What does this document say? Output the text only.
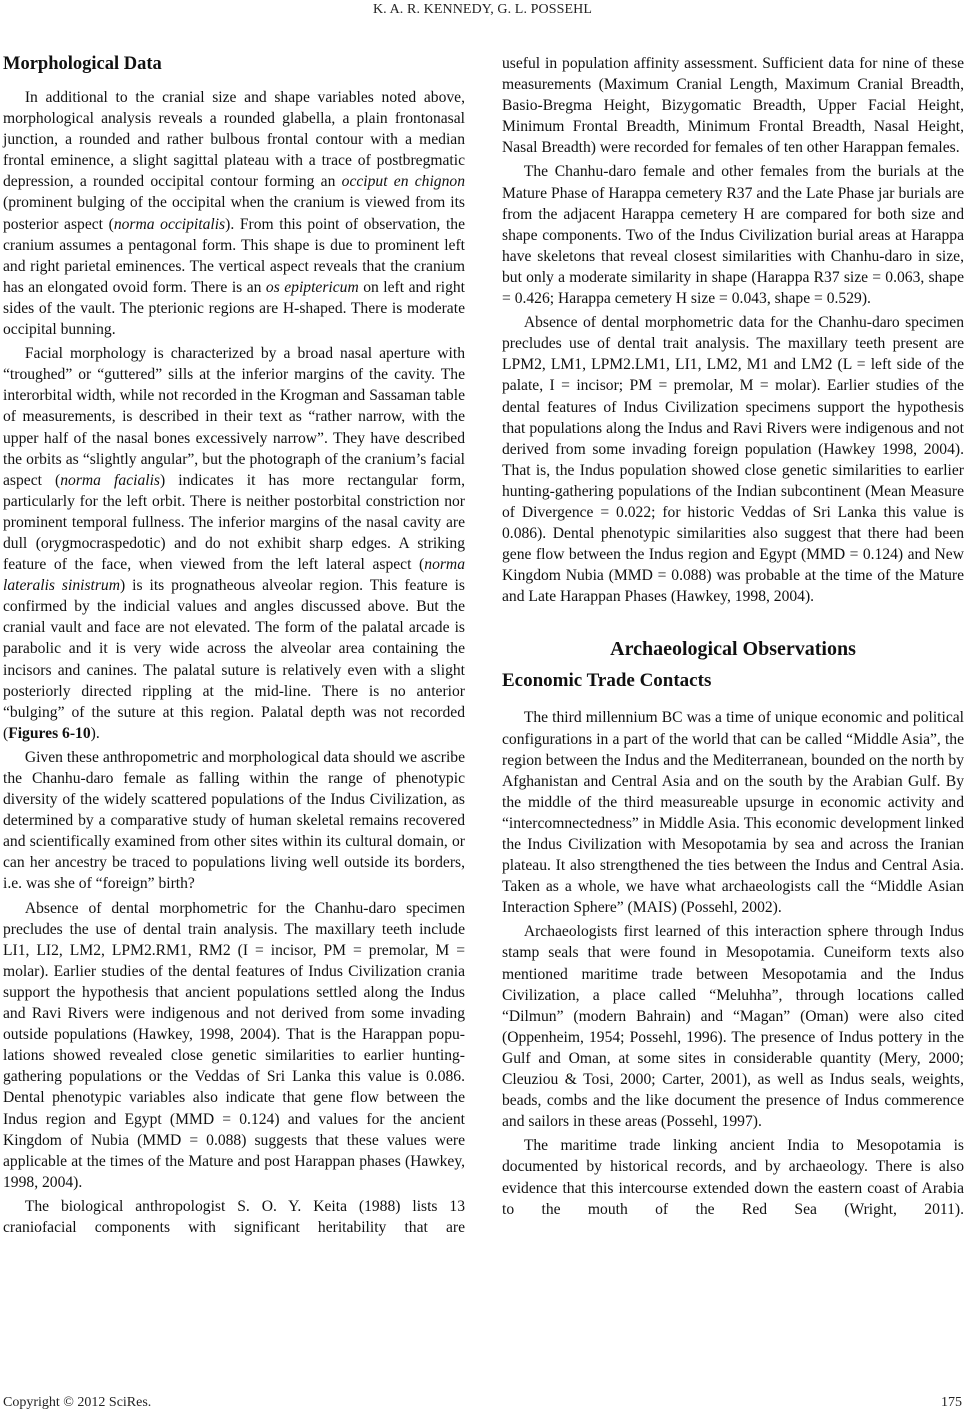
K. A. R. KENNEDY, G. L. POSSEHL
Morphological Data

In additional to the cranial size and shape variables noted above, morphological analysis reveals a rounded glabella, a plain frontonasal junction, a rounded and rather bulbous frontal contour with a median frontal eminence, a slight sagittal plateau with a trace of postbregmatic depression, a rounded occipital contour forming an occiput en chignon (prominent bulging of the occipital when the cranium is viewed from its posterior aspect (norma occipitalis). From this point of observation, the cranium assumes a pentagonal form. This shape is due to prominent left and right parietal eminences. The vertical aspect reveals that the cranium has an elongated ovoid form. There is an os epiptericum on left and right sides of the vault. The pterionic regions are H-shaped. There is moderate occipital bunning.

Facial morphology is characterized by a broad nasal aperture with “troughed” or “guttered” sills at the inferior margins of the cavity. The interorbital width, while not recorded in the Krogman and Sassaman table of measurements, is described in their text as “rather narrow, with the upper half of the nasal bones excessively narrow”. They have described the orbits as “slightly angular”, but the photograph of the cranium’s facial aspect (norma facialis) indicates it has more rectangular form, particularly for the left orbit. There is neither postorbital constriction nor prominent temporal fullness. The inferior margins of the nasal cavity are dull (orygmocraspedotic) and do not exhibit sharp edges. A striking feature of the face, when viewed from the left lateral aspect (norma lateralis sinistrum) is its prognatheous alveolar region. This feature is confirmed by the indicial values and angles discussed above. But the cranial vault and face are not elevated. The form of the palatal arcade is parabolic and it is very wide across the alveolar area containing the incisors and canines. The palatal suture is relatively even with a slight posteriorly directed rippling at the mid-line. There is no anterior “bulging” of the suture at this region. Palatal depth was not recorded (Figures 6-10).

Given these anthropometric and morphological data should we ascribe the Chanhu-daro female as falling within the range of phenotypic diversity of the widely scattered populations of the Indus Civilization, as determined by a comparative study of human skeletal remains recovered and scientifically examined from other sites within its cultural domain, or can her ancestry be traced to populations living well outside its borders, i.e. was she of “foreign” birth?

Absence of dental morphometric for the Chanhu-daro specimen precludes the use of dental train analysis. The maxillary teeth include LI1, LI2, LM2, LPM2.RM1, RM2 (I = incisor, PM = premolar, M = molar). Earlier studies of the dental features of Indus Civilization crania support the hypothesis that ancient populations settled along the Indus and Ravi Rivers were indigenous and not derived from some invading outside populations (Hawkey, 1998, 2004). That is the Harappan populations showed revealed close genetic similarities to earlier hunting-gathering populations or the Veddas of Sri Lanka this value is 0.086. Dental phenotypic variables also indicate that gene flow between the Indus region and Egypt (MMD = 0.124) and values for the ancient Kingdom of Nubia (MMD = 0.088) suggests that these values were applicable at the times of the Mature and post Harappan phases (Hawkey, 1998, 2004).

The biological anthropologist S. O. Y. Keita (1988) lists 13 craniofacial components with significant heritability that are

useful in population affinity assessment. Sufficient data for nine of these measurements (Maximum Cranial Length, Maximum Cranial Breadth, Basio-Bregma Height, Bizygomatic Breadth, Upper Facial Height, Minimum Frontal Breadth, Minimum Frontal Breadth, Nasal Height, Nasal Breadth) were recorded for females of ten other Harappan females.

The Chanhu-daro female and other females from the burials at the Mature Phase of Harappa cemetery R37 and the Late Phase jar burials are from the adjacent Harappa cemetery H are compared for both size and shape components. Two of the Indus Civilization burial areas at Harappa have skeletons that reveal closest similarities with Chanhu-daro in size, but only a moderate similarity in shape (Harappa R37 size = 0.063, shape = 0.426; Harappa cemetery H size = 0.043, shape = 0.529).

Absence of dental morphometric data for the Chanhu-daro specimen precludes use of dental trait analysis. The maxillary teeth present are LPM2, LM1, LPM2.LM1, LI1, LM2, M1 and LM2 (L = left side of the palate, I = incisor; PM = premolar, M = molar). Earlier studies of the dental features of Indus Civilization specimens support the hypothesis that populations along the Indus and Ravi Rivers were indigenous and not derived from some invading foreign population (Hawkey 1998, 2004). That is, the Indus population showed close genetic similarities to earlier hunting-gathering populations of the Indian subcontinent (Mean Measure of Divergence = 0.022; for historic Veddas of Sri Lanka this value is 0.086). Dental phenotypic similarities also suggest that there had been gene flow between the Indus region and Egypt (MMD = 0.124) and New Kingdom Nubia (MMD = 0.088) was probable at the time of the Mature and Late Harappan Phases (Hawkey, 1998, 2004).

Archaeological Observations
Economic Trade Contacts

The third millennium BC was a time of unique economic and political configurations in a part of the world that can be called “Middle Asia”, the region between the Indus and the Mediterranean, bounded on the north by Afghanistan and Central Asia and on the south by the Arabian Gulf. By the middle of the third measureable upsurge in economic activity and “intercomnectedness” in Middle Asia. This economic development linked the Indus Civilization with Mesopotamia by sea and across the Iranian plateau. It also strengthened the ties between the Indus and Central Asia. Taken as a whole, we have what archaeologists call the “Middle Asian Interaction Sphere” (MAIS) (Possehl, 2002).

Archaeologists first learned of this interaction sphere through Indus stamp seals that were found in Mesopotamia. Cuneiform texts also mentioned maritime trade between Mesopotamia and the Indus Civilization, a place called “Meluhha”, through locations called “Dilmun” (modern Bahrain) and “Magan” (Oman) were also cited (Oppenheim, 1954; Possehl, 1996). The presence of Indus pottery in the Gulf and Oman, at some sites in considerable quantity (Mery, 2000; Cleuziou & Tosi, 2000; Carter, 2001), as well as Indus seals, weights, beads, combs and the like document the presence of Indus commerence and sailors in these areas (Possehl, 1997).

The maritime trade linking ancient India to Mesopotamia is documented by historical records, and by archaeology. There is also evidence that this intercourse extended down the eastern coast of Arabia to the mouth of the Red Sea (Wright, 2011).

Copyright © 2012 SciRes.	175
